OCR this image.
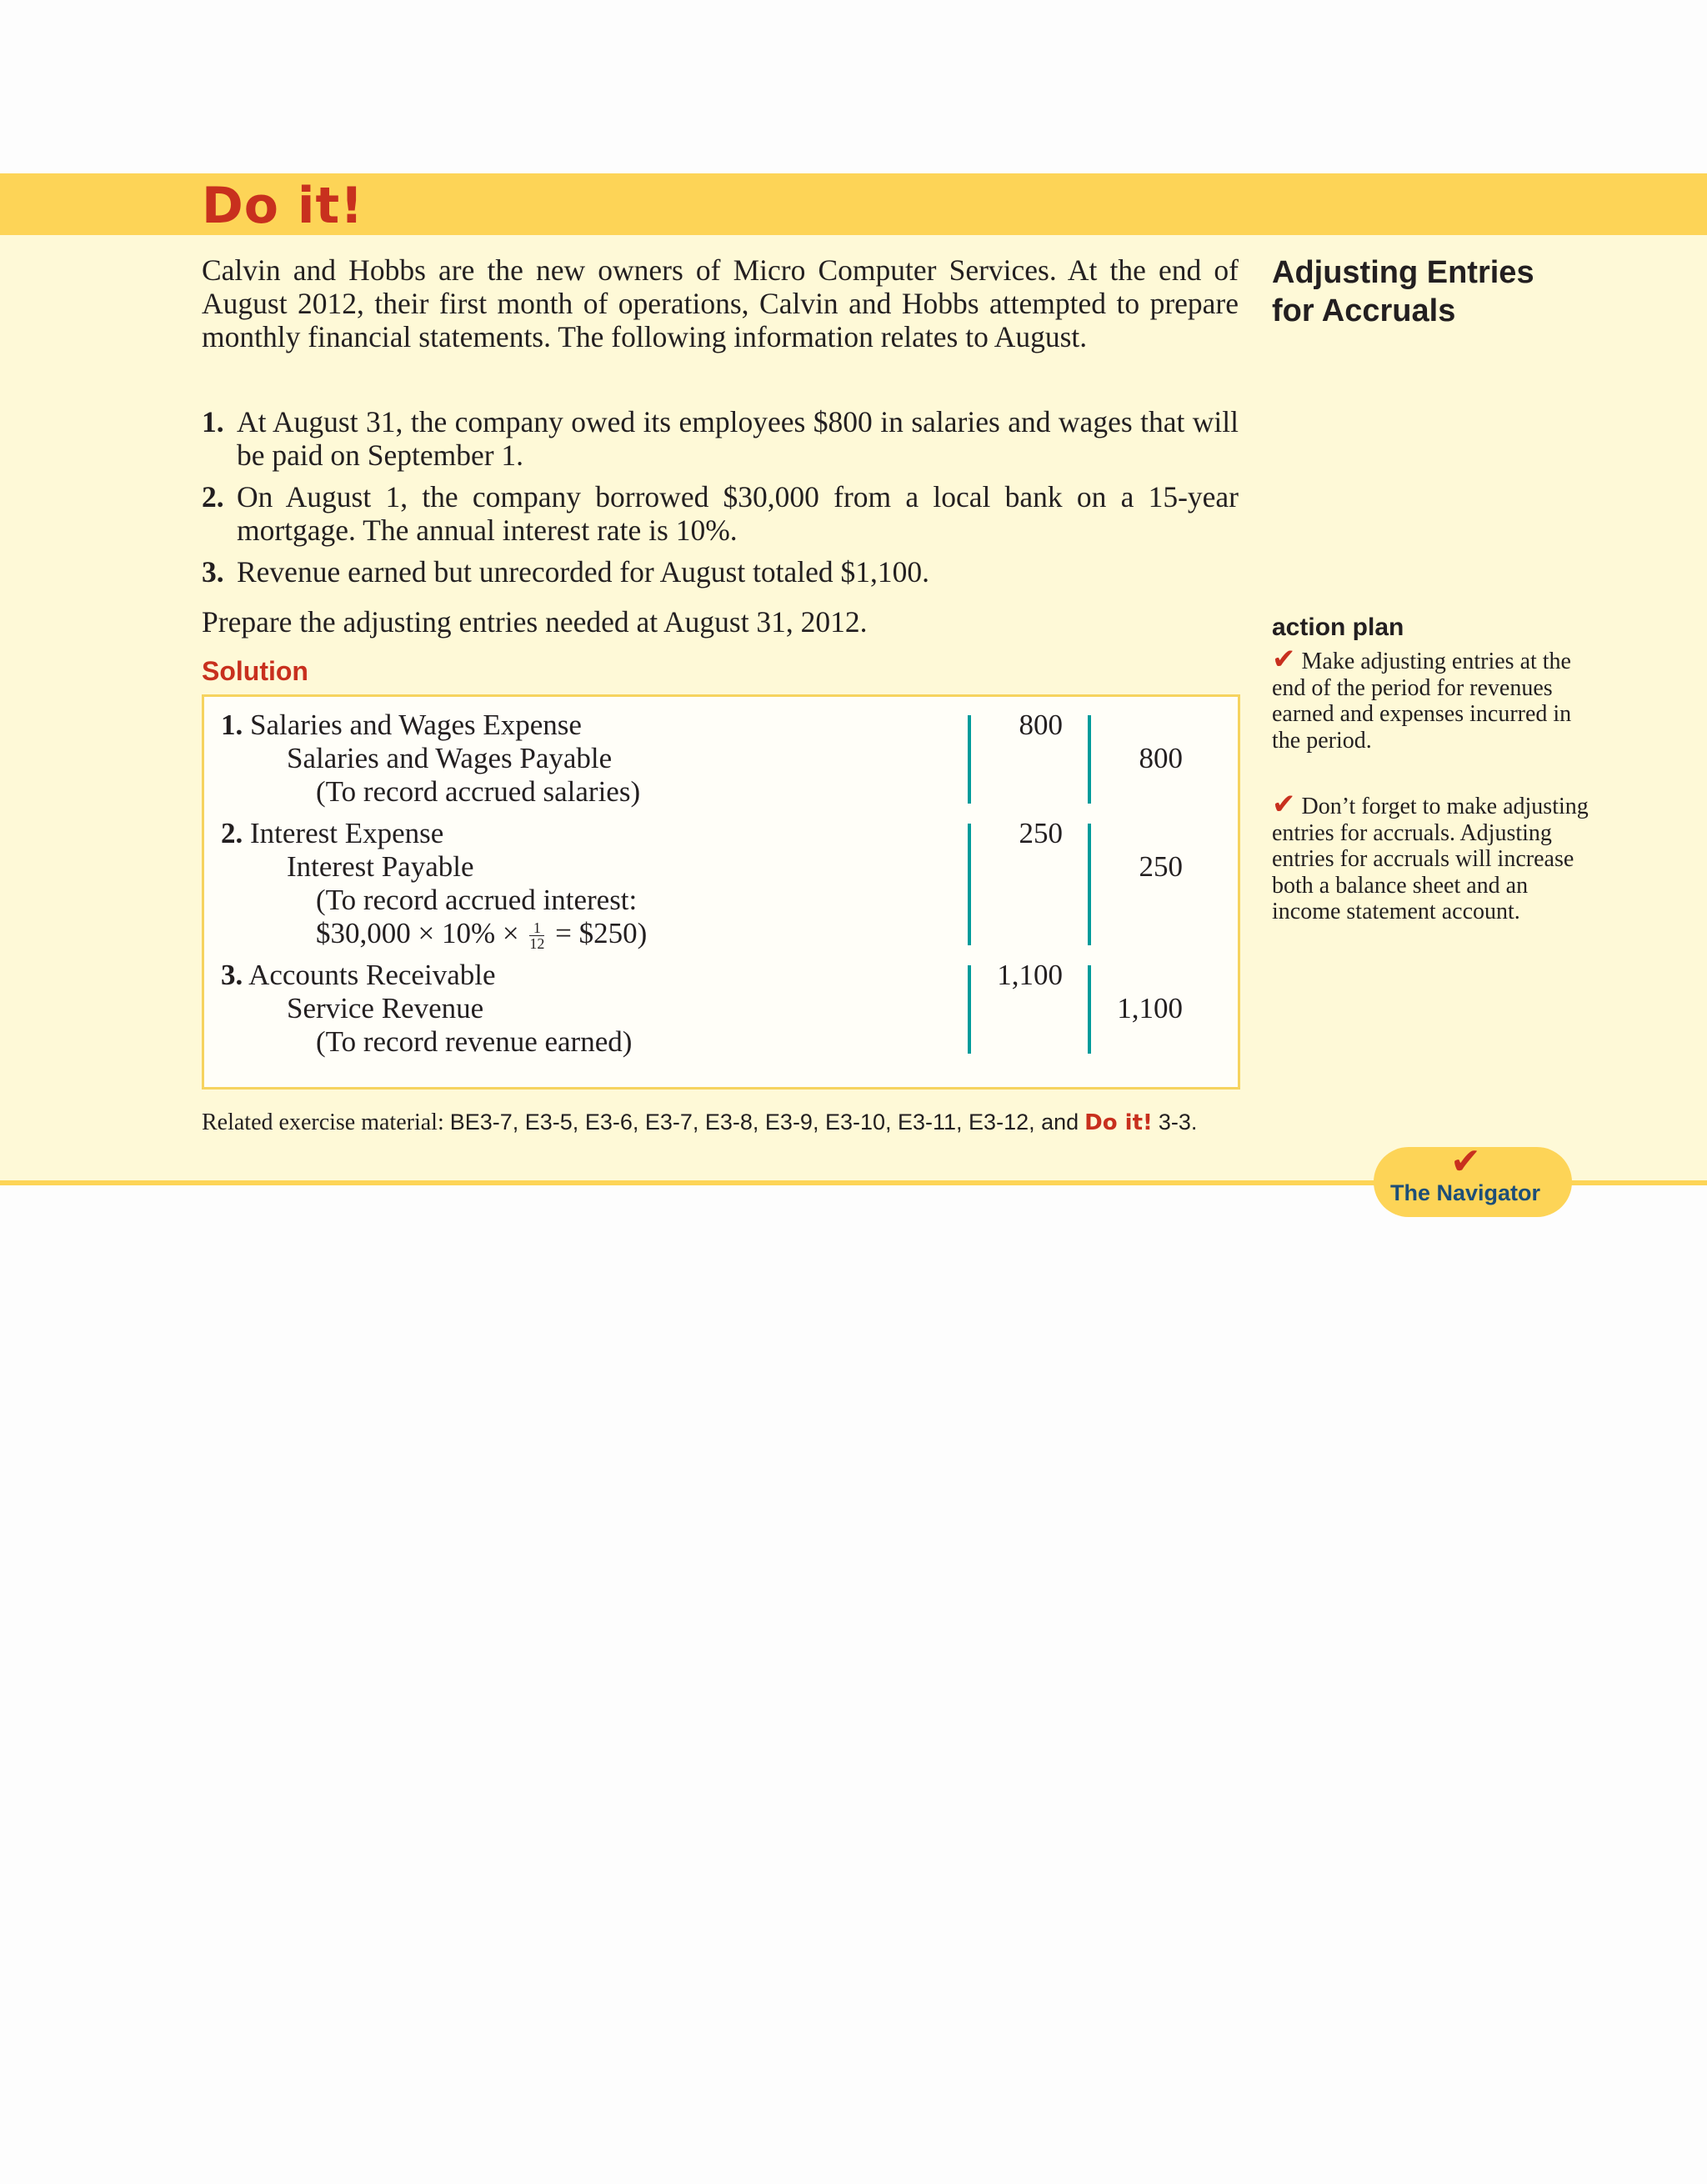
Do it!
Calvin and Hobbs are the new owners of Micro Computer Services. At the end of August 2012, their first month of operations, Calvin and Hobbs attempted to prepare monthly financial statements. The following information relates to August.
1. At August 31, the company owed its employees $800 in salaries and wages that will be paid on September 1.
2. On August 1, the company borrowed $30,000 from a local bank on a 15-year mortgage. The annual interest rate is 10%.
3. Revenue earned but unrecorded for August totaled $1,100.
Prepare the adjusting entries needed at August 31, 2012.
Adjusting Entries
for Accruals
Solution
1. Salaries and Wages Expense
Salaries and Wages Payable
(To record accrued salaries)
800
800
2. Interest Expense
Interest Payable
(To record accrued interest:
$30,000 × $10\% \times \frac{1}{12}$ = $250)
250
250
3. Accounts Receivable
Service Revenue
(To record revenue earned)
1,100
1,100
Related exercise material: BE3-7, E3-5, E3-6, E3-7, E3-8, E3-9, E3-10, E3-11, E3-12, and Do it! 3-3.
action plan
✔ Make adjusting entries at the end of the period for revenues earned and expenses incurred in the period.
✔ Don’t forget to make adjusting entries for accruals. Adjusting entries for accruals will increase both a balance sheet and an income statement account.
✔
The Navigator
